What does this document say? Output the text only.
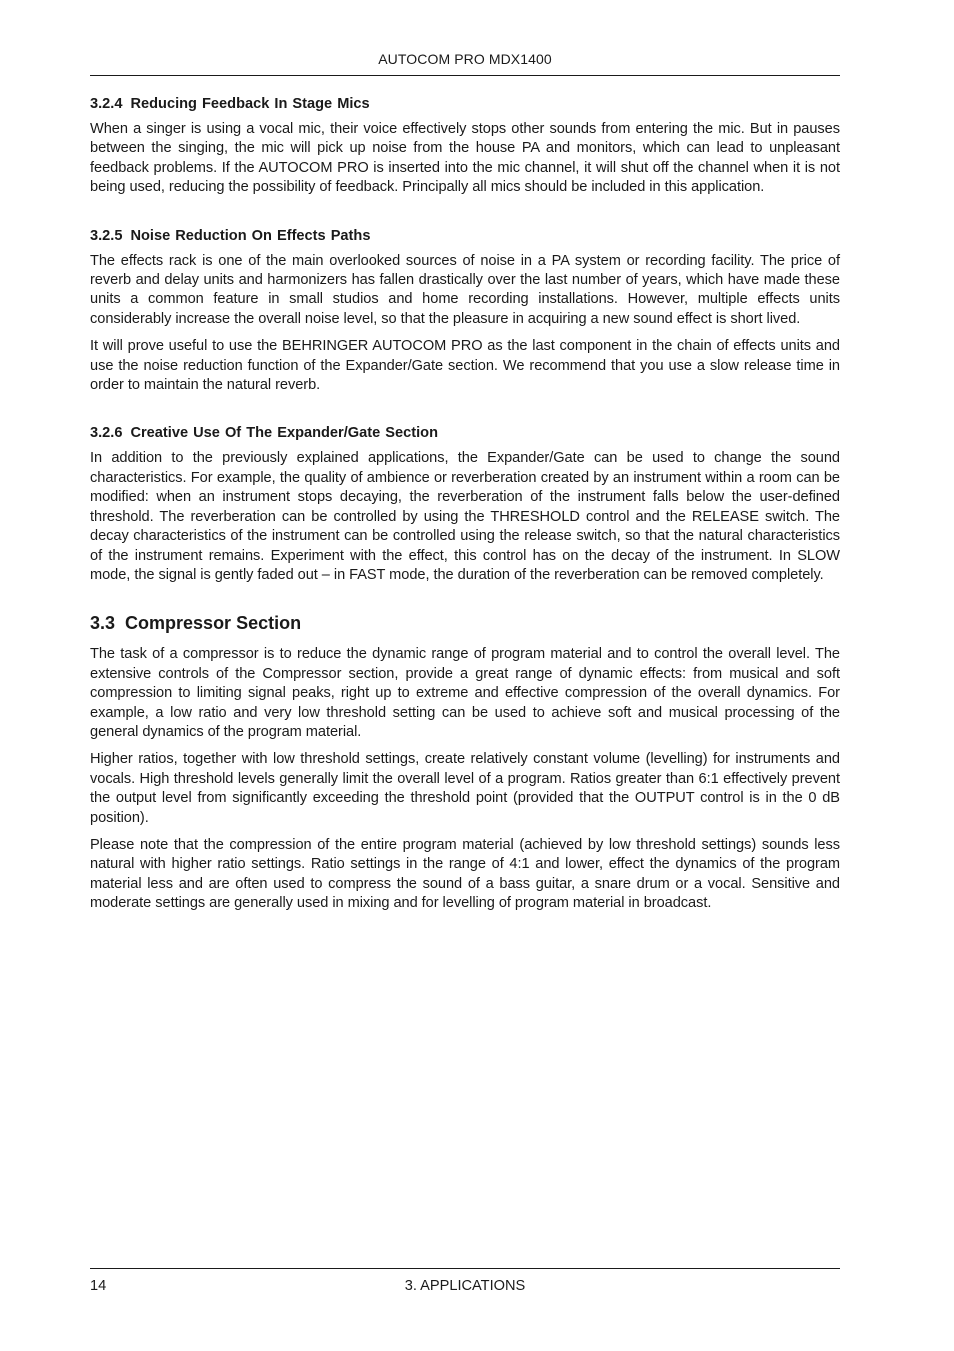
AUTOCOM PRO MDX1400
3.2.4 Reducing Feedback In Stage Mics

When a singer is using a vocal mic, their voice effectively stops other sounds from entering the mic. But in pauses between the singing, the mic will pick up noise from the house PA and monitors, which can lead to unpleasant feedback problems. If the AUTOCOM PRO is inserted into the mic channel, it will shut off the channel when it is not being used, reducing the possibility of feedback. Principally all mics should be included in this application.

3.2.5 Noise Reduction On Effects Paths

The effects rack is one of the main overlooked sources of noise in a PA system or recording facility. The price of reverb and delay units and harmonizers has fallen drastically over the last number of years, which have made these units a common feature in small studios and home recording installations. However, multiple effects units considerably increase the overall noise level, so that the pleasure in acquiring a new sound effect is short lived.

It will prove useful to use the BEHRINGER AUTOCOM PRO as the last component in the chain of effects units and use the noise reduction function of the Expander/Gate section. We recommend that you use a slow release time in order to maintain the natural reverb.

3.2.6 Creative Use Of The Expander/Gate Section

In addition to the previously explained applications, the Expander/Gate can be used to change the sound characteristics. For example, the quality of ambience or reverberation created by an instrument within a room can be modified: when an instrument stops decaying, the reverberation of the instrument falls below the user-defined threshold. The reverberation can be controlled by using the THRESHOLD control and the RELEASE switch. The decay characteristics of the instrument can be controlled using the release switch, so that the natural characteristics of the instrument remains. Experiment with the effect, this control has on the decay of the instrument. In SLOW mode, the signal is gently faded out – in FAST mode, the duration of the reverberation can be removed completely.

3.3 Compressor Section

The task of a compressor is to reduce the dynamic range of program material and to control the overall level. The extensive controls of the Compressor section, provide a great range of dynamic effects: from musical and soft compression to limiting signal peaks, right up to extreme and effective compression of the overall dynamics. For example, a low ratio and very low threshold setting can be used to achieve soft and musical processing of the general dynamics of the program material.

Higher ratios, together with low threshold settings, create relatively constant volume (levelling) for instruments and vocals. High threshold levels generally limit the overall level of a program. Ratios greater than 6:1 effectively prevent the output level from significantly exceeding the threshold point (provided that the OUTPUT control is in the 0 dB position).

Please note that the compression of the entire program material (achieved by low threshold settings) sounds less natural with higher ratio settings. Ratio settings in the range of 4:1 and lower, effect the dynamics of the program material less and are often used to compress the sound of a bass guitar, a snare drum or a vocal. Sensitive and moderate settings are generally used in mixing and for levelling of program material in broadcast.

14	3. APPLICATIONS
